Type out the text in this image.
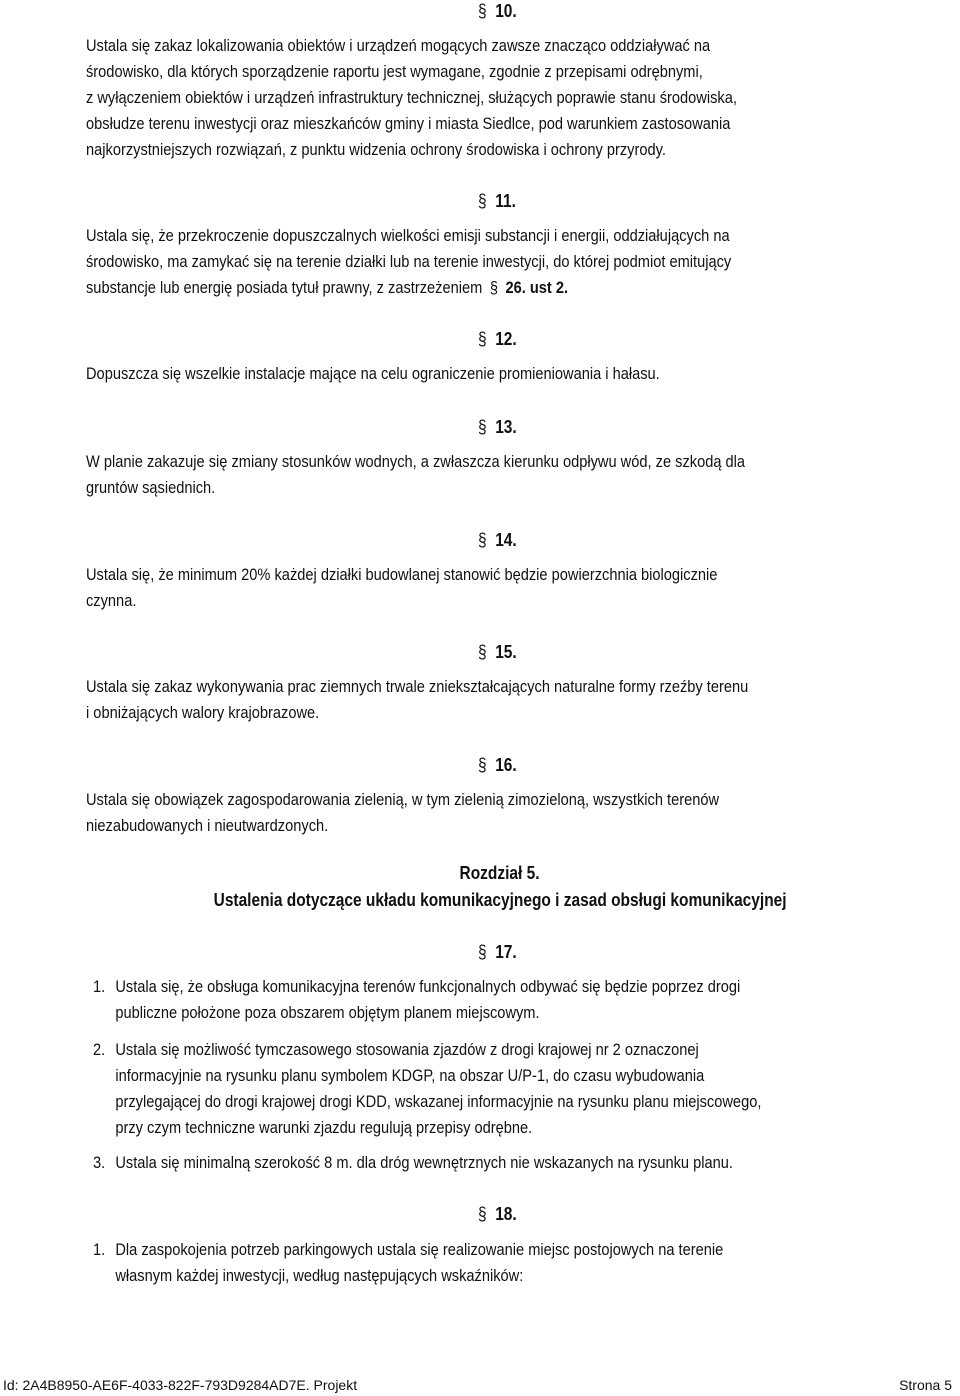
§ 10.
Ustala się zakaz lokalizowania obiektów i urządzeń mogących zawsze znacząco oddziaływać na
środowisko, dla których sporządzenie raportu jest wymagane, zgodnie z przepisami odrębnymi,
z wyłączeniem obiektów i urządzeń infrastruktury technicznej, służących poprawie stanu środowiska,
obsłudze terenu inwestycji oraz mieszkańców gminy i miasta Siedlce, pod warunkiem zastosowania
najkorzystniejszych rozwiązań, z punktu widzenia ochrony środowiska i ochrony przyrody.
§ 11.
Ustala się, że przekroczenie dopuszczalnych wielkości emisji substancji i energii, oddziałujących na
środowisko, ma zamykać się na terenie działki lub na terenie inwestycji, do której podmiot emitujący
substancje lub energię posiada tytuł prawny, z zastrzeżeniem § 26. ust 2.
§ 12.
Dopuszcza się wszelkie instalacje mające na celu ograniczenie promieniowania i hałasu.
§ 13.
W planie zakazuje się zmiany stosunków wodnych, a zwłaszcza kierunku odpływu wód, ze szkodą dla
gruntów sąsiednich.
§ 14.
Ustala się, że minimum 20% każdej działki budowlanej stanowić będzie powierzchnia biologicznie
czynna.
§ 15.
Ustala się zakaz wykonywania prac ziemnych trwale zniekształcających naturalne formy rzeźby terenu
i obniżających walory krajobrazowe.
§ 16.
Ustala się obowiązek zagospodarowania zielenią, w tym zielenią zimozieloną, wszystkich terenów
niezabudowanych i nieutwardzonych.
Rozdział 5.
Ustalenia dotyczące układu komunikacyjnego i zasad obsługi komunikacyjnej
§ 17.
1. Ustala się, że obsługa komunikacyjna terenów funkcjonalnych odbywać się będzie poprzez drogi
publiczne położone poza obszarem objętym planem miejscowym.
2. Ustala się możliwość tymczasowego stosowania zjazdów z drogi krajowej nr 2 oznaczonej
informacyjnie na rysunku planu symbolem KDGP, na obszar U/P-1, do czasu wybudowania
przylegającej do drogi krajowej drogi KDD, wskazanej informacyjnie na rysunku planu miejscowego,
przy czym techniczne warunki zjazdu regulują przepisy odrębne.
3. Ustala się minimalną szerokość 8 m. dla dróg wewnętrznych nie wskazanych na rysunku planu.
§ 18.
1. Dla zaspokojenia potrzeb parkingowych ustala się realizowanie miejsc postojowych na terenie
własnym każdej inwestycji, według następujących wskaźników:
Id: 2A4B8950-AE6F-4033-822F-793D9284AD7E. Projekt	Strona 5
